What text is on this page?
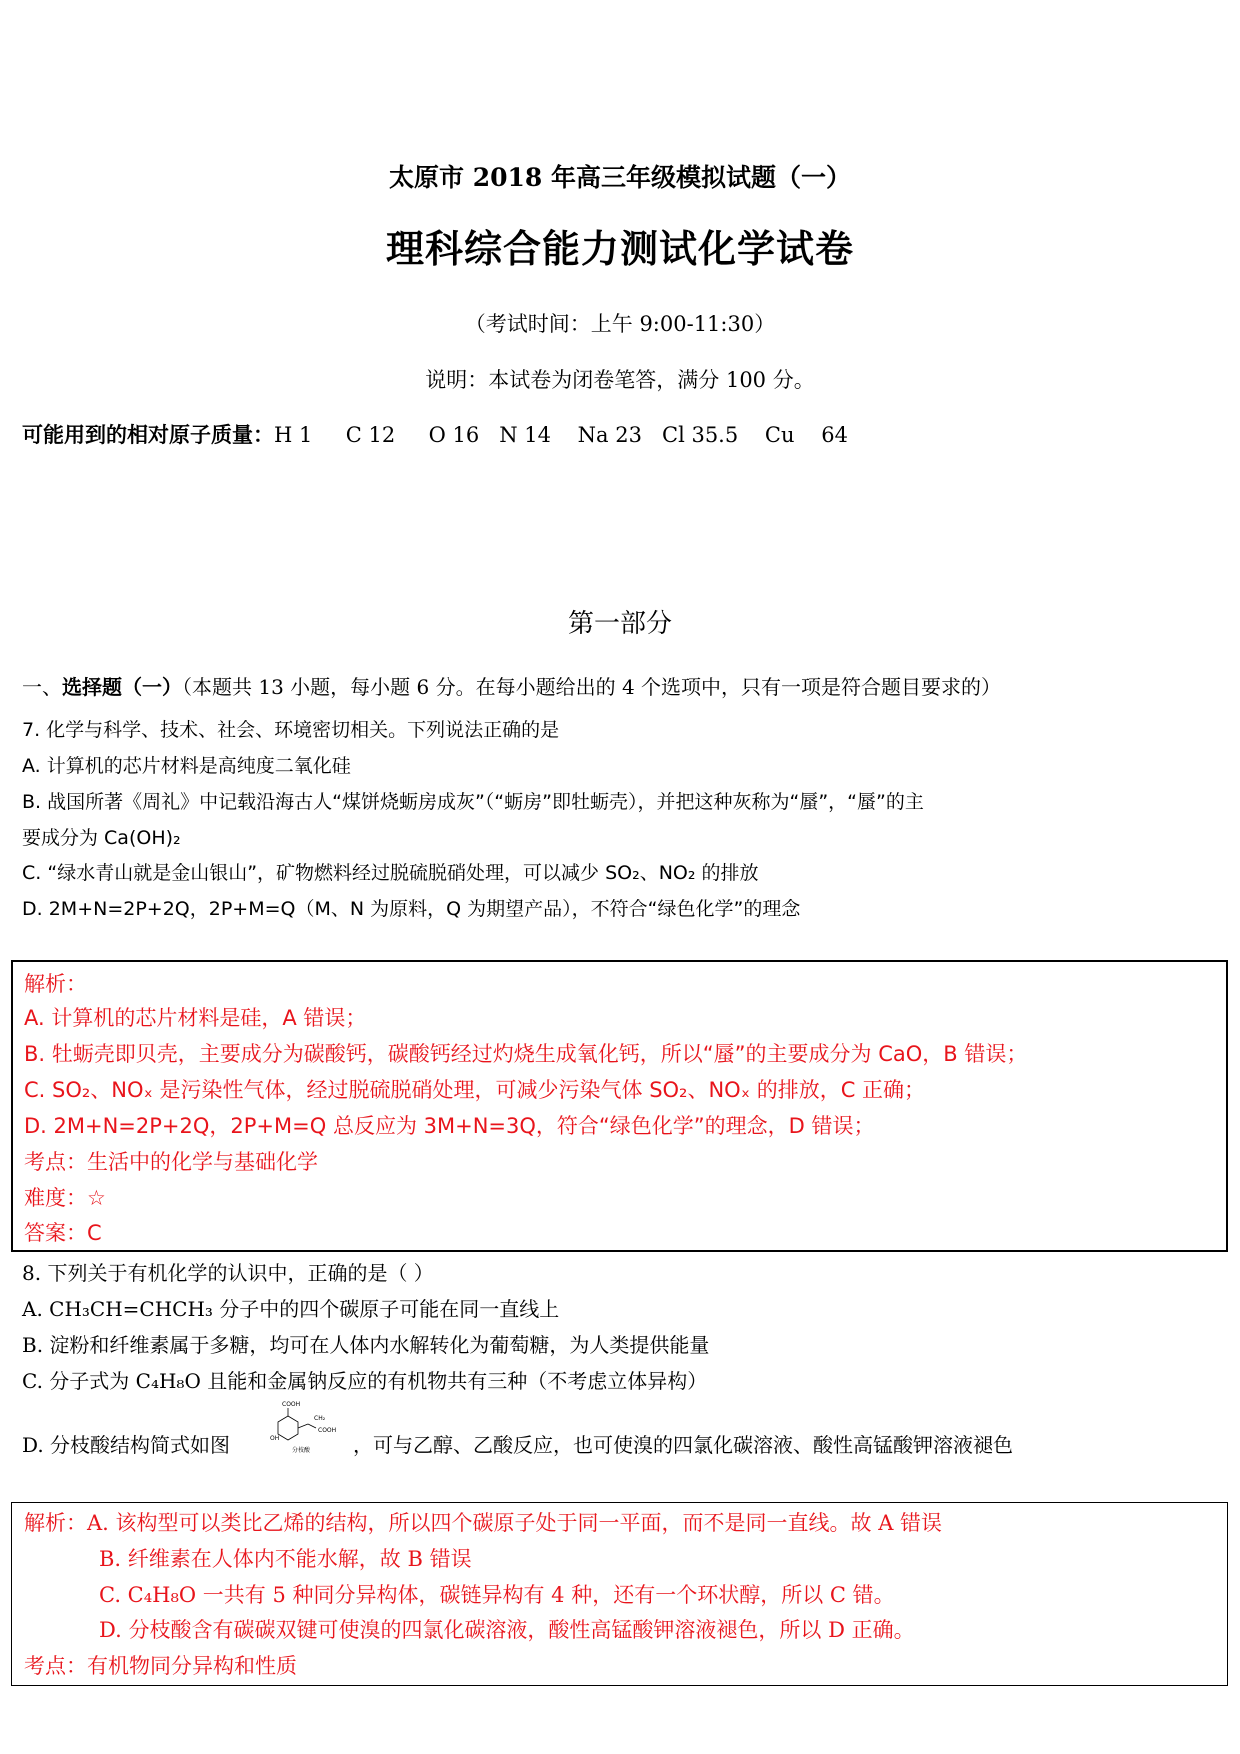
太原市 2018 年高三年级模拟试题（一）
理科综合能力测试化学试卷
（考试时间：上午 9:00-11:30）
说明：本试卷为闭卷笔答，满分 100 分。
可能用到的相对原子质量：H 1     C 12     O 16   N 14    Na 23   Cl 35.5    Cu    64
第一部分
一、选择题（一）（本题共 13 小题，每小题 6 分。在每小题给出的 4 个选项中，只有一项是符合题目要求的）
7. 化学与科学、技术、社会、环境密切相关。下列说法正确的是
A. 计算机的芯片材料是高纯度二氧化硅
B. 战国所著《周礼》中记载沿海古人“煤饼烧蛎房成灰”（“蛎房”即牡蛎壳），并把这种灰称为“蜃”，“蜃”的主
要成分为 Ca(OH)₂
C. “绿水青山就是金山银山”，矿物燃料经过脱硫脱硝处理，可以减少 SO₂、NO₂ 的排放
D. 2M+N=2P+2Q，2P+M=Q（M、N 为原料，Q 为期望产品），不符合“绿色化学”的理念
解析：
A. 计算机的芯片材料是硅，A 错误；
B. 牡蛎壳即贝壳，主要成分为碳酸钙，碳酸钙经过灼烧生成氧化钙，所以“蜃”的主要成分为 CaO，B 错误；
C. SO₂、NOₓ 是污染性气体，经过脱硫脱硝处理，可减少污染气体 SO₂、NOₓ 的排放，C 正确；
D. 2M+N=2P+2Q，2P+M=Q 总反应为 3M+N=3Q，符合“绿色化学”的理念，D 错误；
考点：生活中的化学与基础化学
难度：☆
答案：C
8. 下列关于有机化学的认识中，正确的是（ ）
A. CH₃CH=CHCH₃ 分子中的四个碳原子可能在同一直线上
B. 淀粉和纤维素属于多糖，均可在人体内水解转化为葡萄糖，为人类提供能量
C. 分子式为 C₄H₈O 且能和金属钠反应的有机物共有三种（不考虑立体异构）
D. 分枝酸结构简式如图
COOH
CH₂
COOH
OH
分枝酸 ，可与乙醇、乙酸反应，也可使溴的四氯化碳溶液、酸性高锰酸钾溶液褪色
解析：A. 该构型可以类比乙烯的结构，所以四个碳原子处于同一平面，而不是同一直线。故 A 错误
B. 纤维素在人体内不能水解，故 B 错误
C. C₄H₈O 一共有 5 种同分异构体，碳链异构有 4 种，还有一个环状醇，所以 C 错。
D. 分枝酸含有碳碳双键可使溴的四氯化碳溶液，酸性高锰酸钾溶液褪色，所以 D 正确。
考点：有机物同分异构和性质
